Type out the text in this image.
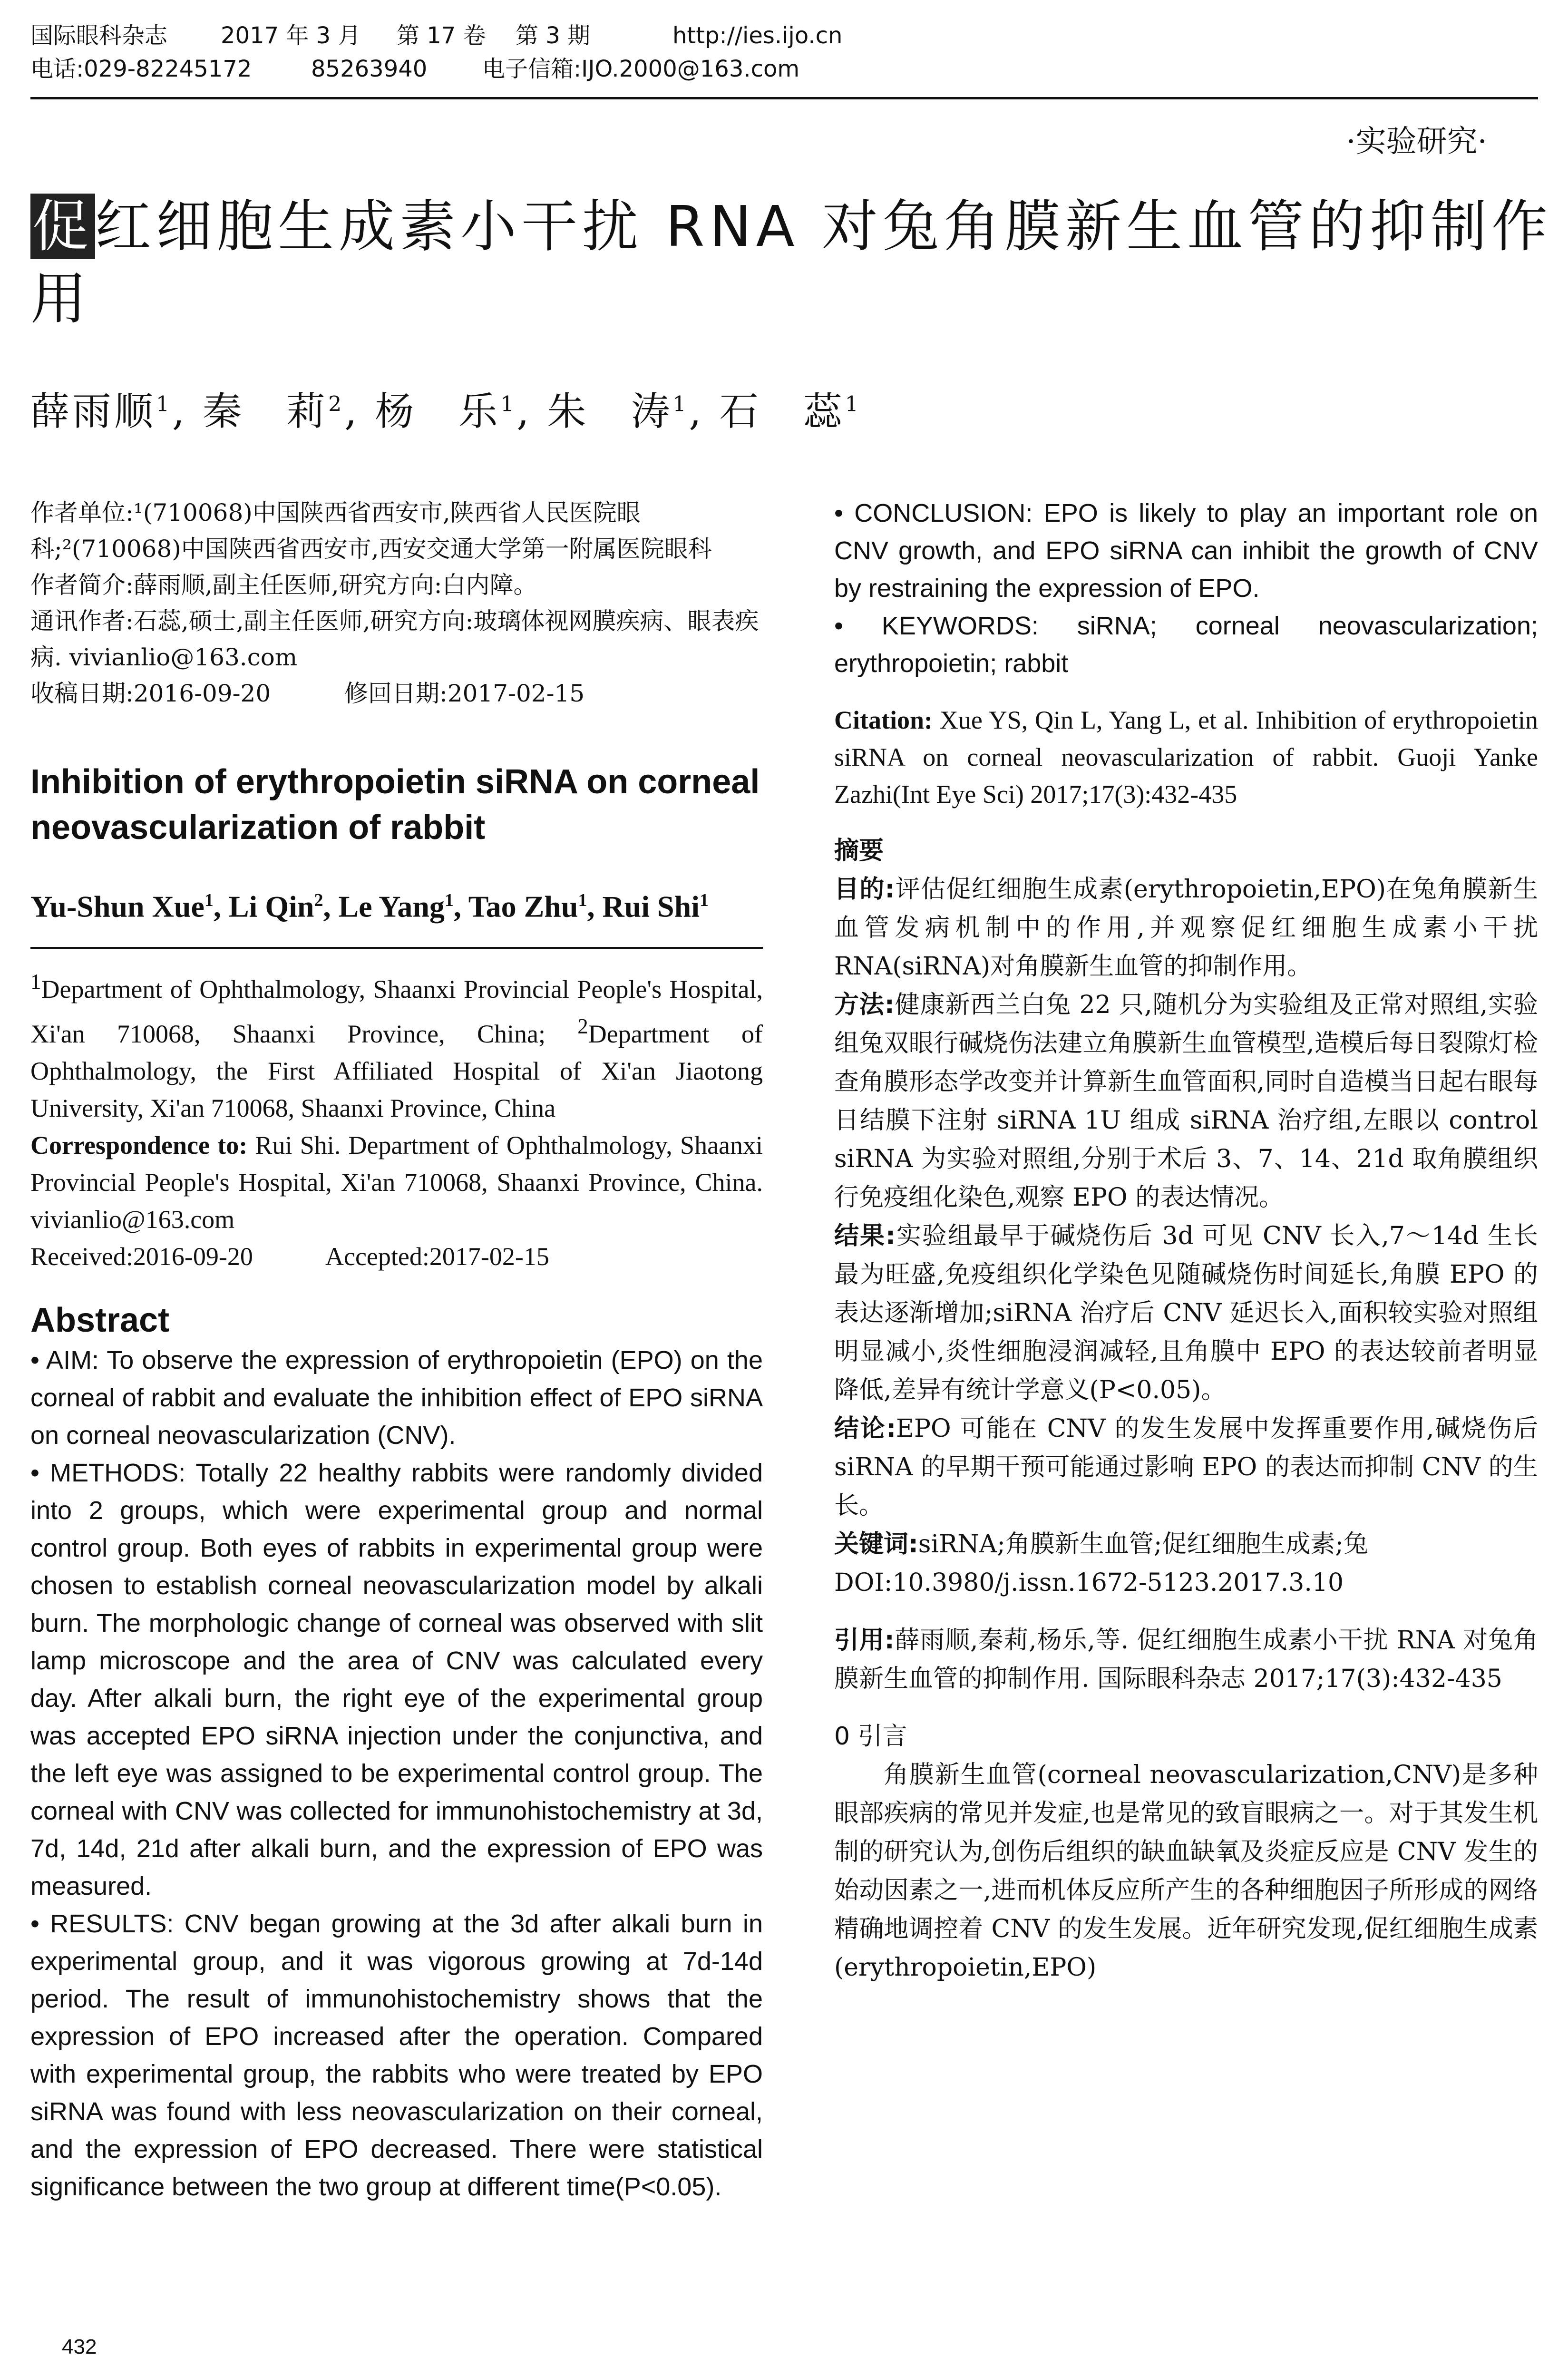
国际眼科杂志	2017 年 3 月	第 17 卷	第 3 期	http://ies.ijo.cn
电话:029-82245172	85263940	电子信箱:IJO.2000@163.com
·实验研究·
促红细胞生成素小干扰 RNA 对兔角膜新生血管的抑制作用
薛雨顺$^1$, 秦　莉$^2$, 杨　乐$^1$, 朱　涛$^1$, 石　蕊$^1$
作者单位:¹(710068)中国陕西省西安市,陕西省人民医院眼科;²(710068)中国陕西省西安市,西安交通大学第一附属医院眼科
作者简介:薛雨顺,副主任医师,研究方向:白内障。
通讯作者:石蕊,硕士,副主任医师,研究方向:玻璃体视网膜疾病、眼表疾病. vivianlio@163.com
收稿日期:2016-09-20	修回日期:2017-02-15
Inhibition of erythropoietin siRNA on corneal neovascularization of rabbit
Yu-Shun Xue$^1$, Li Qin$^2$, Le Yang$^1$, Tao Zhu$^1$, Rui Shi$^1$
$^1$Department of Ophthalmology, Shaanxi Provincial People's Hospital, Xi'an 710068, Shaanxi Province, China; $^2$Department of Ophthalmology, the First Affiliated Hospital of Xi'an Jiaotong University, Xi'an 710068, Shaanxi Province, China
Correspondence to: Rui Shi. Department of Ophthalmology, Shaanxi Provincial People's Hospital, Xi'an 710068, Shaanxi Province, China. vivianlio@163.com
Received:2016-09-20	Accepted:2017-02-15
Abstract
• AIM: To observe the expression of erythropoietin (EPO) on the corneal of rabbit and evaluate the inhibition effect of EPO siRNA on corneal neovascularization (CNV).
• METHODS: Totally 22 healthy rabbits were randomly divided into 2 groups, which were experimental group and normal control group. Both eyes of rabbits in experimental group were chosen to establish corneal neovascularization model by alkali burn. The morphologic change of corneal was observed with slit lamp microscope and the area of CNV was calculated every day. After alkali burn, the right eye of the experimental group was accepted EPO siRNA injection under the conjunctiva, and the left eye was assigned to be experimental control group. The corneal with CNV was collected for immunohistochemistry at 3d, 7d, 14d, 21d after alkali burn, and the expression of EPO was measured.
• RESULTS: CNV began growing at the 3d after alkali burn in experimental group, and it was vigorous growing at 7d-14d period. The result of immunohistochemistry shows that the expression of EPO increased after the operation. Compared with experimental group, the rabbits who were treated by EPO siRNA was found with less neovascularization on their corneal, and the expression of EPO decreased. There were statistical significance between the two group at different time(P<0.05).
• CONCLUSION: EPO is likely to play an important role on CNV growth, and EPO siRNA can inhibit the growth of CNV by restraining the expression of EPO.
• KEYWORDS: siRNA; corneal neovascularization; erythropoietin; rabbit
Citation: Xue YS, Qin L, Yang L, et al. Inhibition of erythropoietin siRNA on corneal neovascularization of rabbit. Guoji Yanke Zazhi(Int Eye Sci) 2017;17(3):432-435
摘要
目的:评估促红细胞生成素(erythropoietin,EPO)在兔角膜新生血管发病机制中的作用,并观察促红细胞生成素小干扰 RNA(siRNA)对角膜新生血管的抑制作用。
方法:健康新西兰白兔 22 只,随机分为实验组及正常对照组,实验组兔双眼行碱烧伤法建立角膜新生血管模型,造模后每日裂隙灯检查角膜形态学改变并计算新生血管面积,同时自造模当日起右眼每日结膜下注射 siRNA 1U 组成 siRNA 治疗组,左眼以 control siRNA 为实验对照组,分别于术后 3、7、14、21d 取角膜组织行免疫组化染色,观察 EPO 的表达情况。
结果:实验组最早于碱烧伤后 3d 可见 CNV 长入,7～14d 生长最为旺盛,免疫组织化学染色见随碱烧伤时间延长,角膜 EPO 的表达逐渐增加;siRNA 治疗后 CNV 延迟长入,面积较实验对照组明显减小,炎性细胞浸润减轻,且角膜中 EPO 的表达较前者明显降低,差异有统计学意义(P<0.05)。
结论:EPO 可能在 CNV 的发生发展中发挥重要作用,碱烧伤后 siRNA 的早期干预可能通过影响 EPO 的表达而抑制 CNV 的生长。
关键词:siRNA;角膜新生血管;促红细胞生成素;兔
DOI:10.3980/j.issn.1672-5123.2017.3.10
引用:薛雨顺,秦莉,杨乐,等. 促红细胞生成素小干扰 RNA 对兔角膜新生血管的抑制作用. 国际眼科杂志 2017;17(3):432-435
0 引言
角膜新生血管(corneal neovascularization,CNV)是多种眼部疾病的常见并发症,也是常见的致盲眼病之一。对于其发生机制的研究认为,创伤后组织的缺血缺氧及炎症反应是 CNV 发生的始动因素之一,进而机体反应所产生的各种细胞因子所形成的网络精确地调控着 CNV 的发生发展。近年研究发现,促红细胞生成素(erythropoietin,EPO)
432
